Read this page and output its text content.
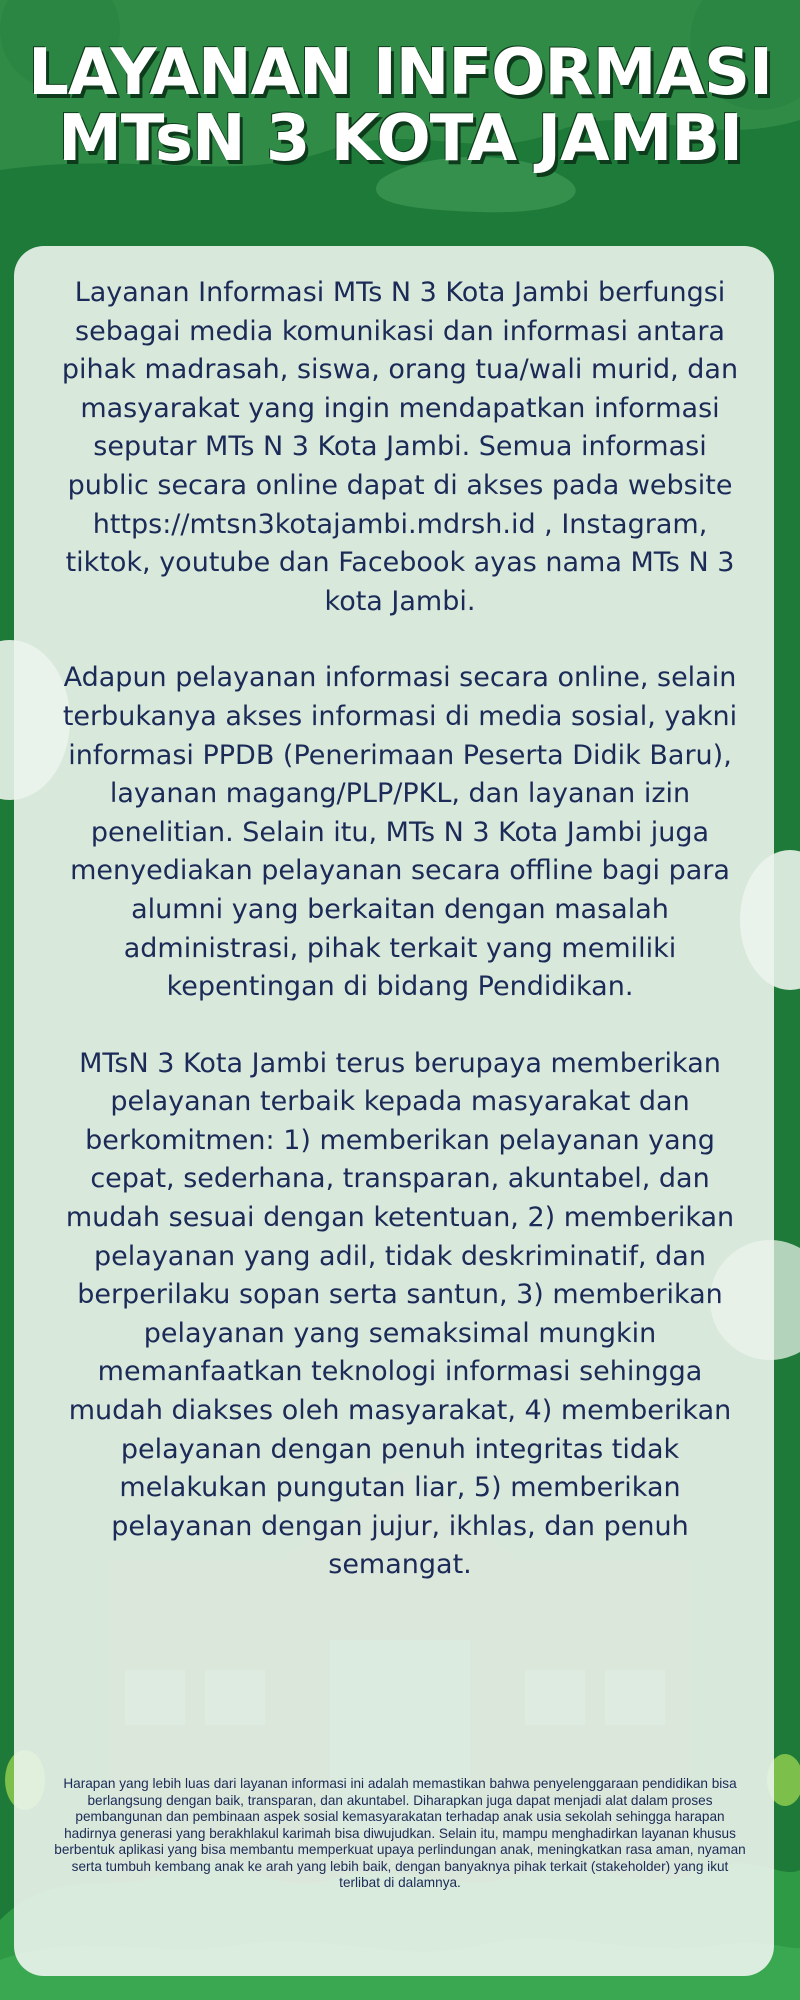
LAYANAN INFORMASI
MTsN 3 KOTA JAMBI

Layanan Informasi MTs N 3 Kota Jambi berfungsi sebagai media komunikasi dan informasi antara pihak madrasah, siswa, orang tua/wali murid, dan masyarakat yang ingin mendapatkan informasi seputar MTs N 3 Kota Jambi. Semua informasi public secara online dapat di akses pada website https://mtsn3kotajambi.mdrsh.id , Instagram, tiktok, youtube dan Facebook ayas nama MTs N 3 kota Jambi.

Adapun pelayanan informasi secara online, selain terbukanya akses informasi di media sosial, yakni informasi PPDB (Penerimaan Peserta Didik Baru), layanan magang/PLP/PKL, dan layanan izin penelitian. Selain itu, MTs N 3 Kota Jambi juga menyediakan pelayanan secara offline bagi para alumni yang berkaitan dengan masalah administrasi, pihak terkait yang memiliki kepentingan di bidang Pendidikan.

MTsN 3 Kota Jambi terus berupaya memberikan pelayanan terbaik kepada masyarakat dan berkomitmen: 1) memberikan pelayanan yang cepat, sederhana, transparan, akuntabel, dan mudah sesuai dengan ketentuan, 2) memberikan pelayanan yang adil, tidak deskriminatif, dan berperilaku sopan serta santun, 3) memberikan pelayanan yang semaksimal mungkin memanfaatkan teknologi informasi sehingga mudah diakses oleh masyarakat, 4) memberikan pelayanan dengan penuh integritas tidak melakukan pungutan liar, 5) memberikan pelayanan dengan jujur, ikhlas, dan penuh semangat.

Harapan yang lebih luas dari layanan informasi ini adalah memastikan bahwa penyelenggaraan pendidikan bisa berlangsung dengan baik, transparan, dan akuntabel. Diharapkan juga dapat menjadi alat dalam proses pembangunan dan pembinaan aspek sosial kemasyarakatan terhadap anak usia sekolah sehingga harapan hadirnya generasi yang berakhlakul karimah bisa diwujudkan. Selain itu, mampu menghadirkan layanan khusus berbentuk aplikasi yang bisa membantu memperkuat upaya perlindungan anak, meningkatkan rasa aman, nyaman serta tumbuh kembang anak ke arah yang lebih baik, dengan banyaknya pihak terkait (stakeholder) yang ikut terlibat di dalamnya.
